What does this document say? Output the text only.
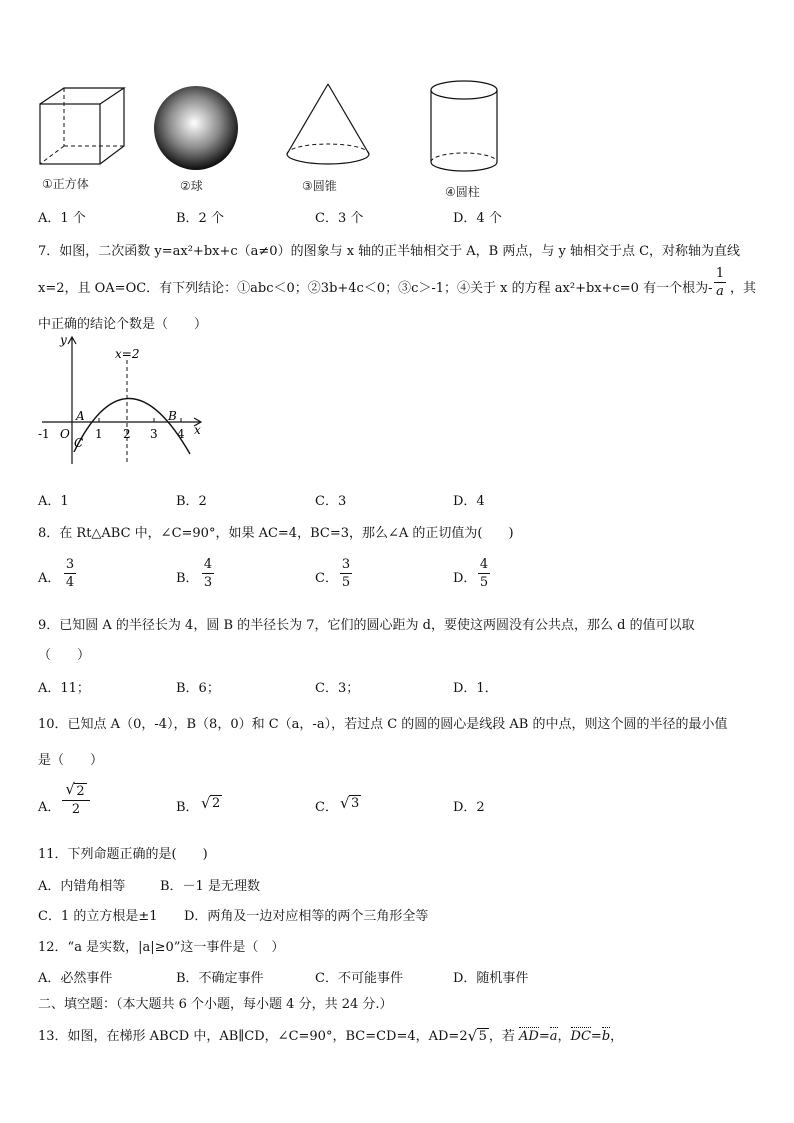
①正方体	②球	③圆锥	④圆柱
A．1 个	B．2 个	C．3 个	D．4 个
7．如图，二次函数 y=ax²+bx+c（a≠0）的图象与 x 轴的正半轴相交于 A，B 两点，与 y 轴相交于点 C，对称轴为直线
x=2，且 OA=OC．有下列结论：①abc＜0；②3b+4c＜0；③c＞-1；④关于 x 的方程 ax²+bx+c=0 有一个根为-
1
a ，其
中正确的结论个数是（　　）
y
x
x=2
O
-1	1 2 3 4
A	B
C
A．1	B．2	C．3	D．4
8．在 Rt△ABC 中，∠C=90°，如果 AC=4，BC=3，那么∠A 的正切值为(　　)
A．
3
4	B．
4
3	C．
3
5	D．
4
5
9．已知圆 A 的半径长为 4，圆 B 的半径长为 7，它们的圆心距为 d，要使这两圆没有公共点，那么 d 的值可以取
（　　）
A．11；	B．6；	C．3；	D．1．
10．已知点 A（0，-4），B（8，0）和 C（a，-a），若过点 C 的圆的圆心是线段 AB 的中点，则这个圆的半径的最小值
是（　　）
A．
√ 2
2	B． √ 2	C． √ 3	D．2
11．下列命题正确的是(　　)
A．内错角相等	B．－1 是无理数
C．1 的立方根是±1 D．两角及一边对应相等的两个三角形全等
12．“a 是实数，|a|≥0”这一事件是（　）
A．必然事件	B．不确定事件	C．不可能事件	D．随机事件
二、填空题：（本大题共 6 个小题，每小题 4 分，共 24 分.）
13．如图，在梯形 ABCD 中，AB∥CD，∠C=90°，BC=CD=4，AD=2 √ 5 ，若 AD=a，DC=b，
